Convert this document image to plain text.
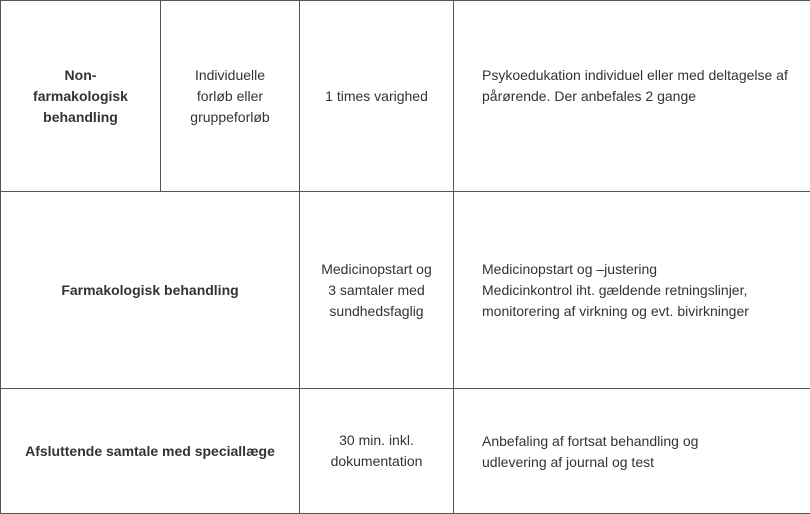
Non-
farmakologisk
behandling	Individuelle
forløb eller
gruppeforløb	1 times varighed	Psykoedukation individuel eller med deltagelse af pårørende. Der anbefales 2 gange
Farmakologisk behandling		Medicinopstart og
3 samtaler med
sundhedsfaglig	Medicinopstart og –justering
Medicinkontrol iht. gældende retningslinjer,
monitorering af virkning og evt. bivirkninger
Afsluttende samtale med speciallæge		30 min. inkl.
dokumentation	Anbefaling af fortsat behandling og
udlevering af journal og test
